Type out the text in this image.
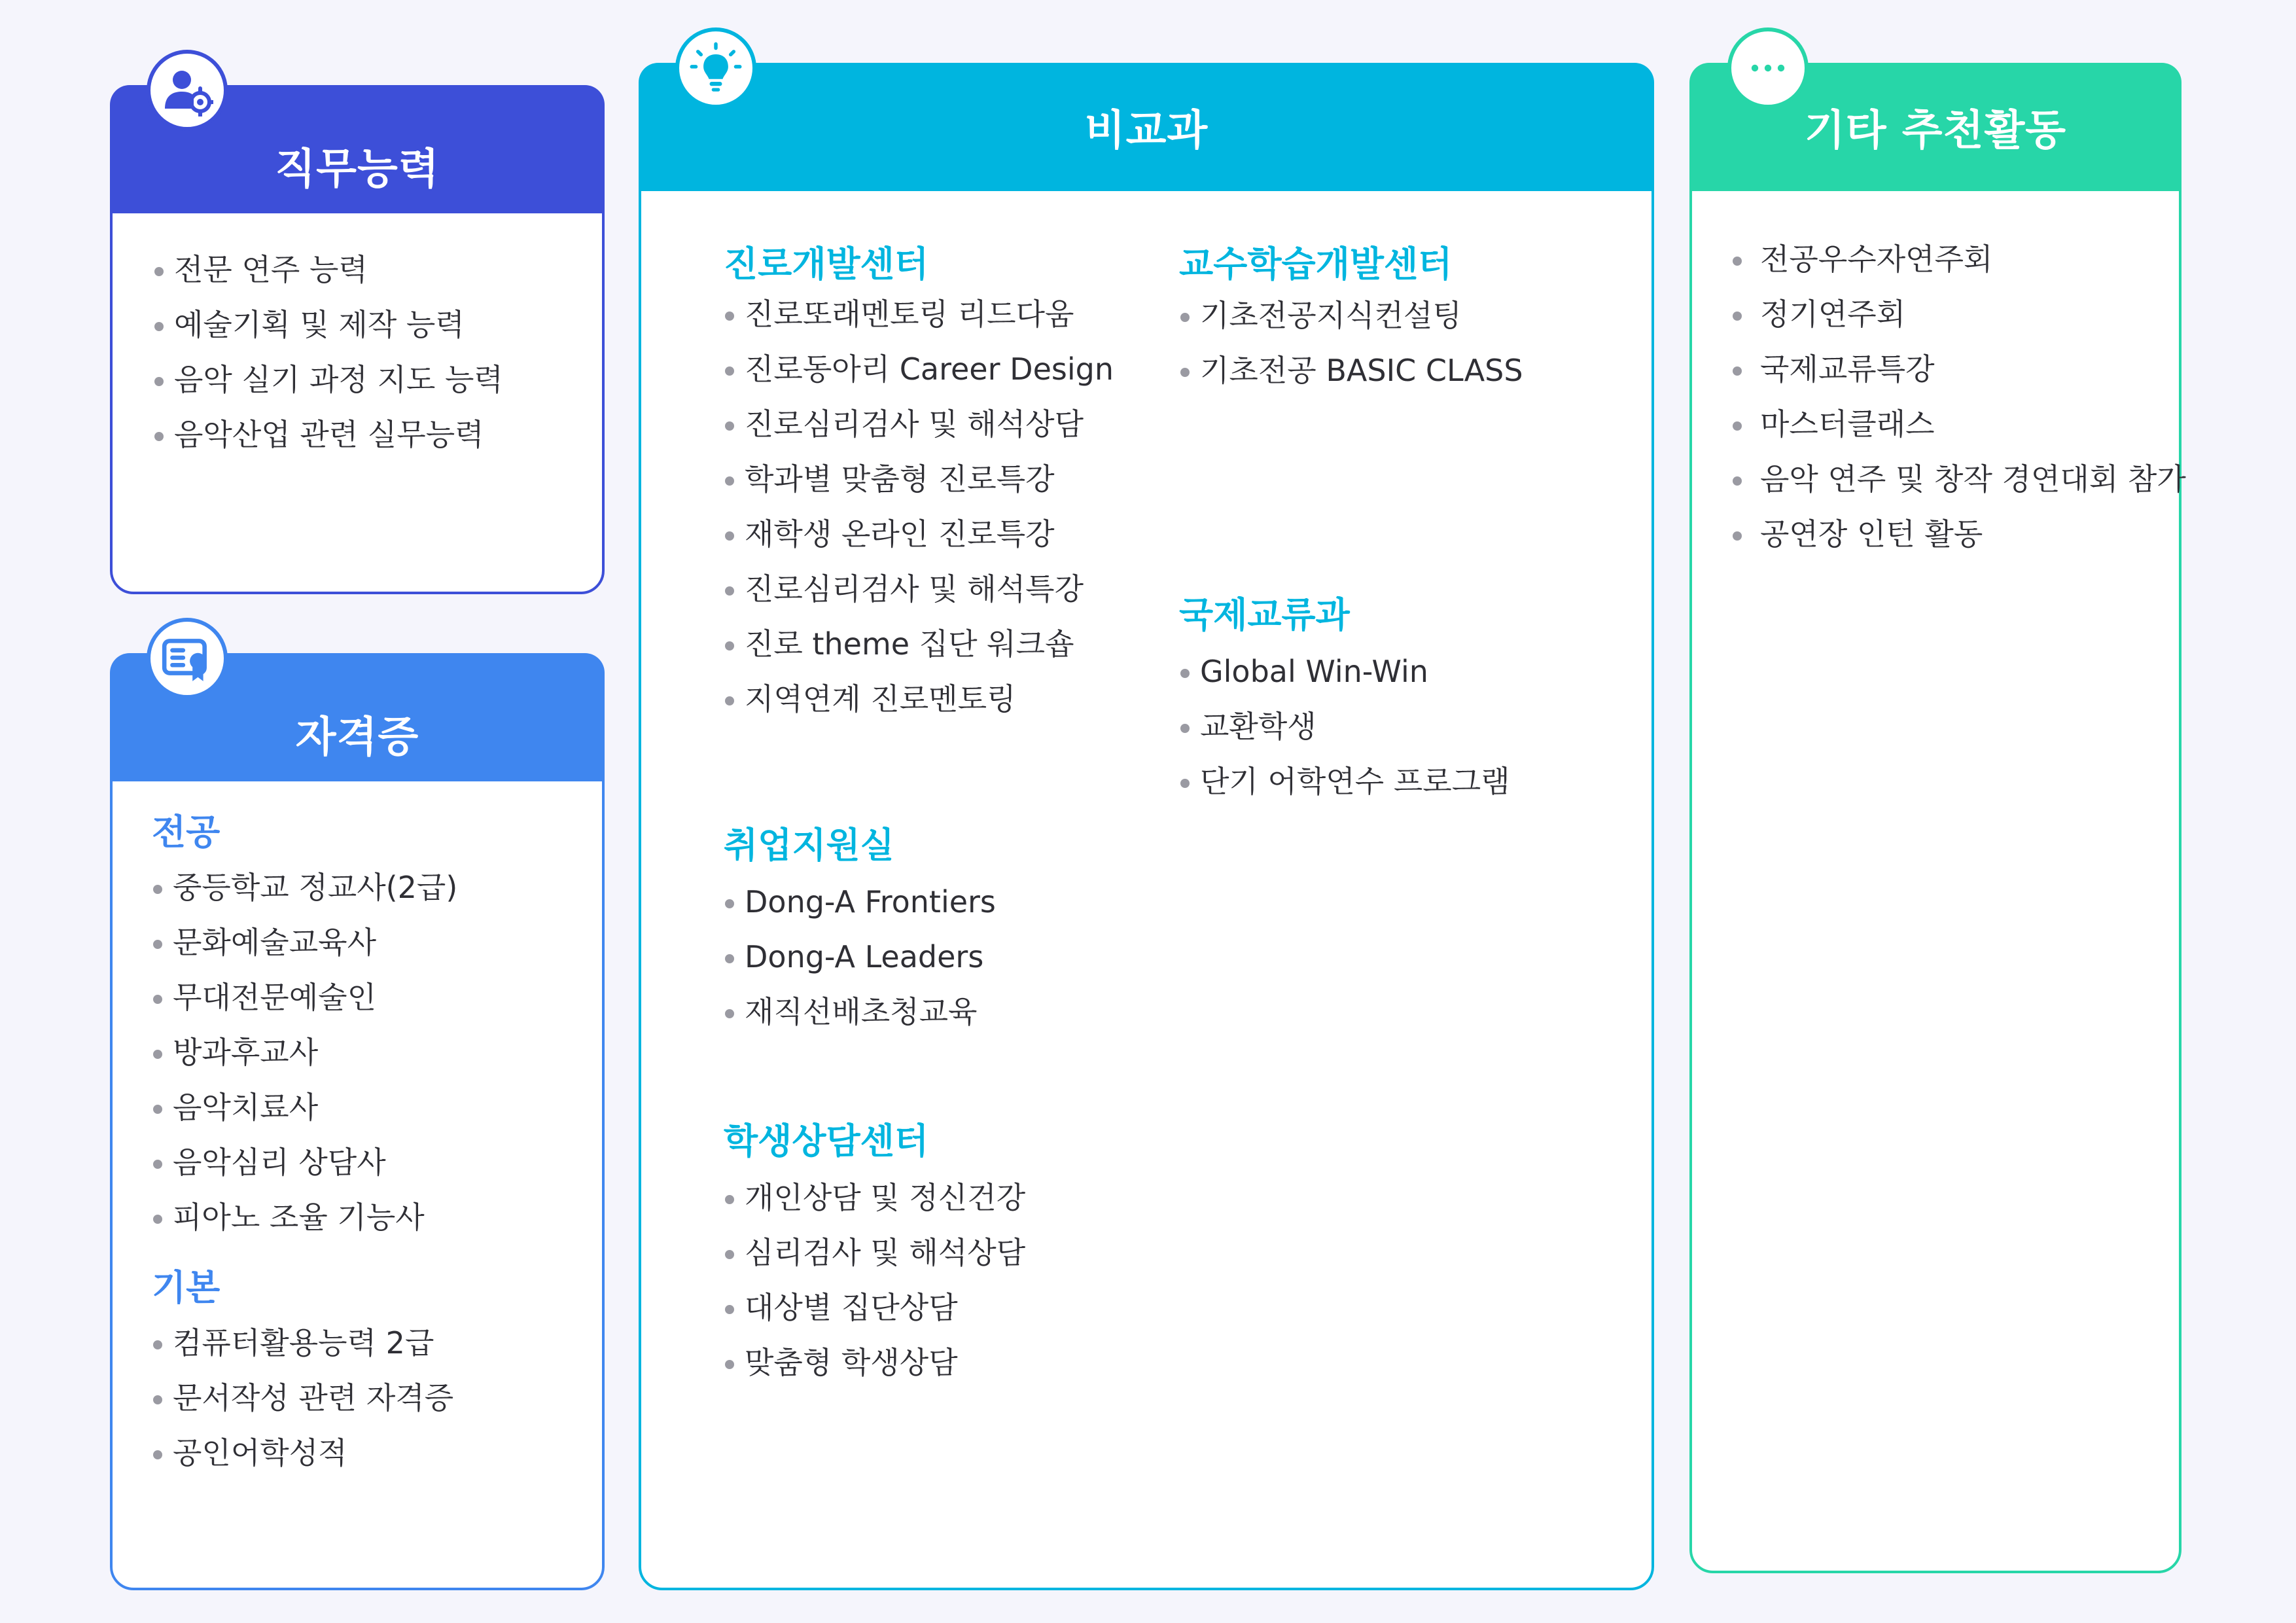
직무능력
전문 연주 능력
예술기획 및 제작 능력
음악 실기 과정 지도 능력
음악산업 관련 실무능력
자격증
전공
중등학교 정교사(2급)
문화예술교육사
무대전문예술인
방과후교사
음악치료사
음악심리 상담사
피아노 조율 기능사
기본
컴퓨터활용능력 2급
문서작성 관련 자격증
공인어학성적
비교과
진로개발센터
진로또래멘토링 리드다움
진로동아리 Career Design
진로심리검사 및 해석상담
학과별 맞춤형 진로특강
재학생 온라인 진로특강
진로심리검사 및 해석특강
진로 theme 집단 워크숍
지역연계 진로멘토링
취업지원실
Dong-A Frontiers
Dong-A Leaders
재직선배초청교육
학생상담센터
개인상담 및 정신건강
심리검사 및 해석상담
대상별 집단상담
맞춤형 학생상담
교수학습개발센터
기초전공지식컨설팅
기초전공 BASIC CLASS
국제교류과
Global Win-Win
교환학생
단기 어학연수 프로그램
기타 추천활동
전공우수자연주회
정기연주회
국제교류특강
마스터클래스
음악 연주 및 창작 경연대회 참가
공연장 인턴 활동
